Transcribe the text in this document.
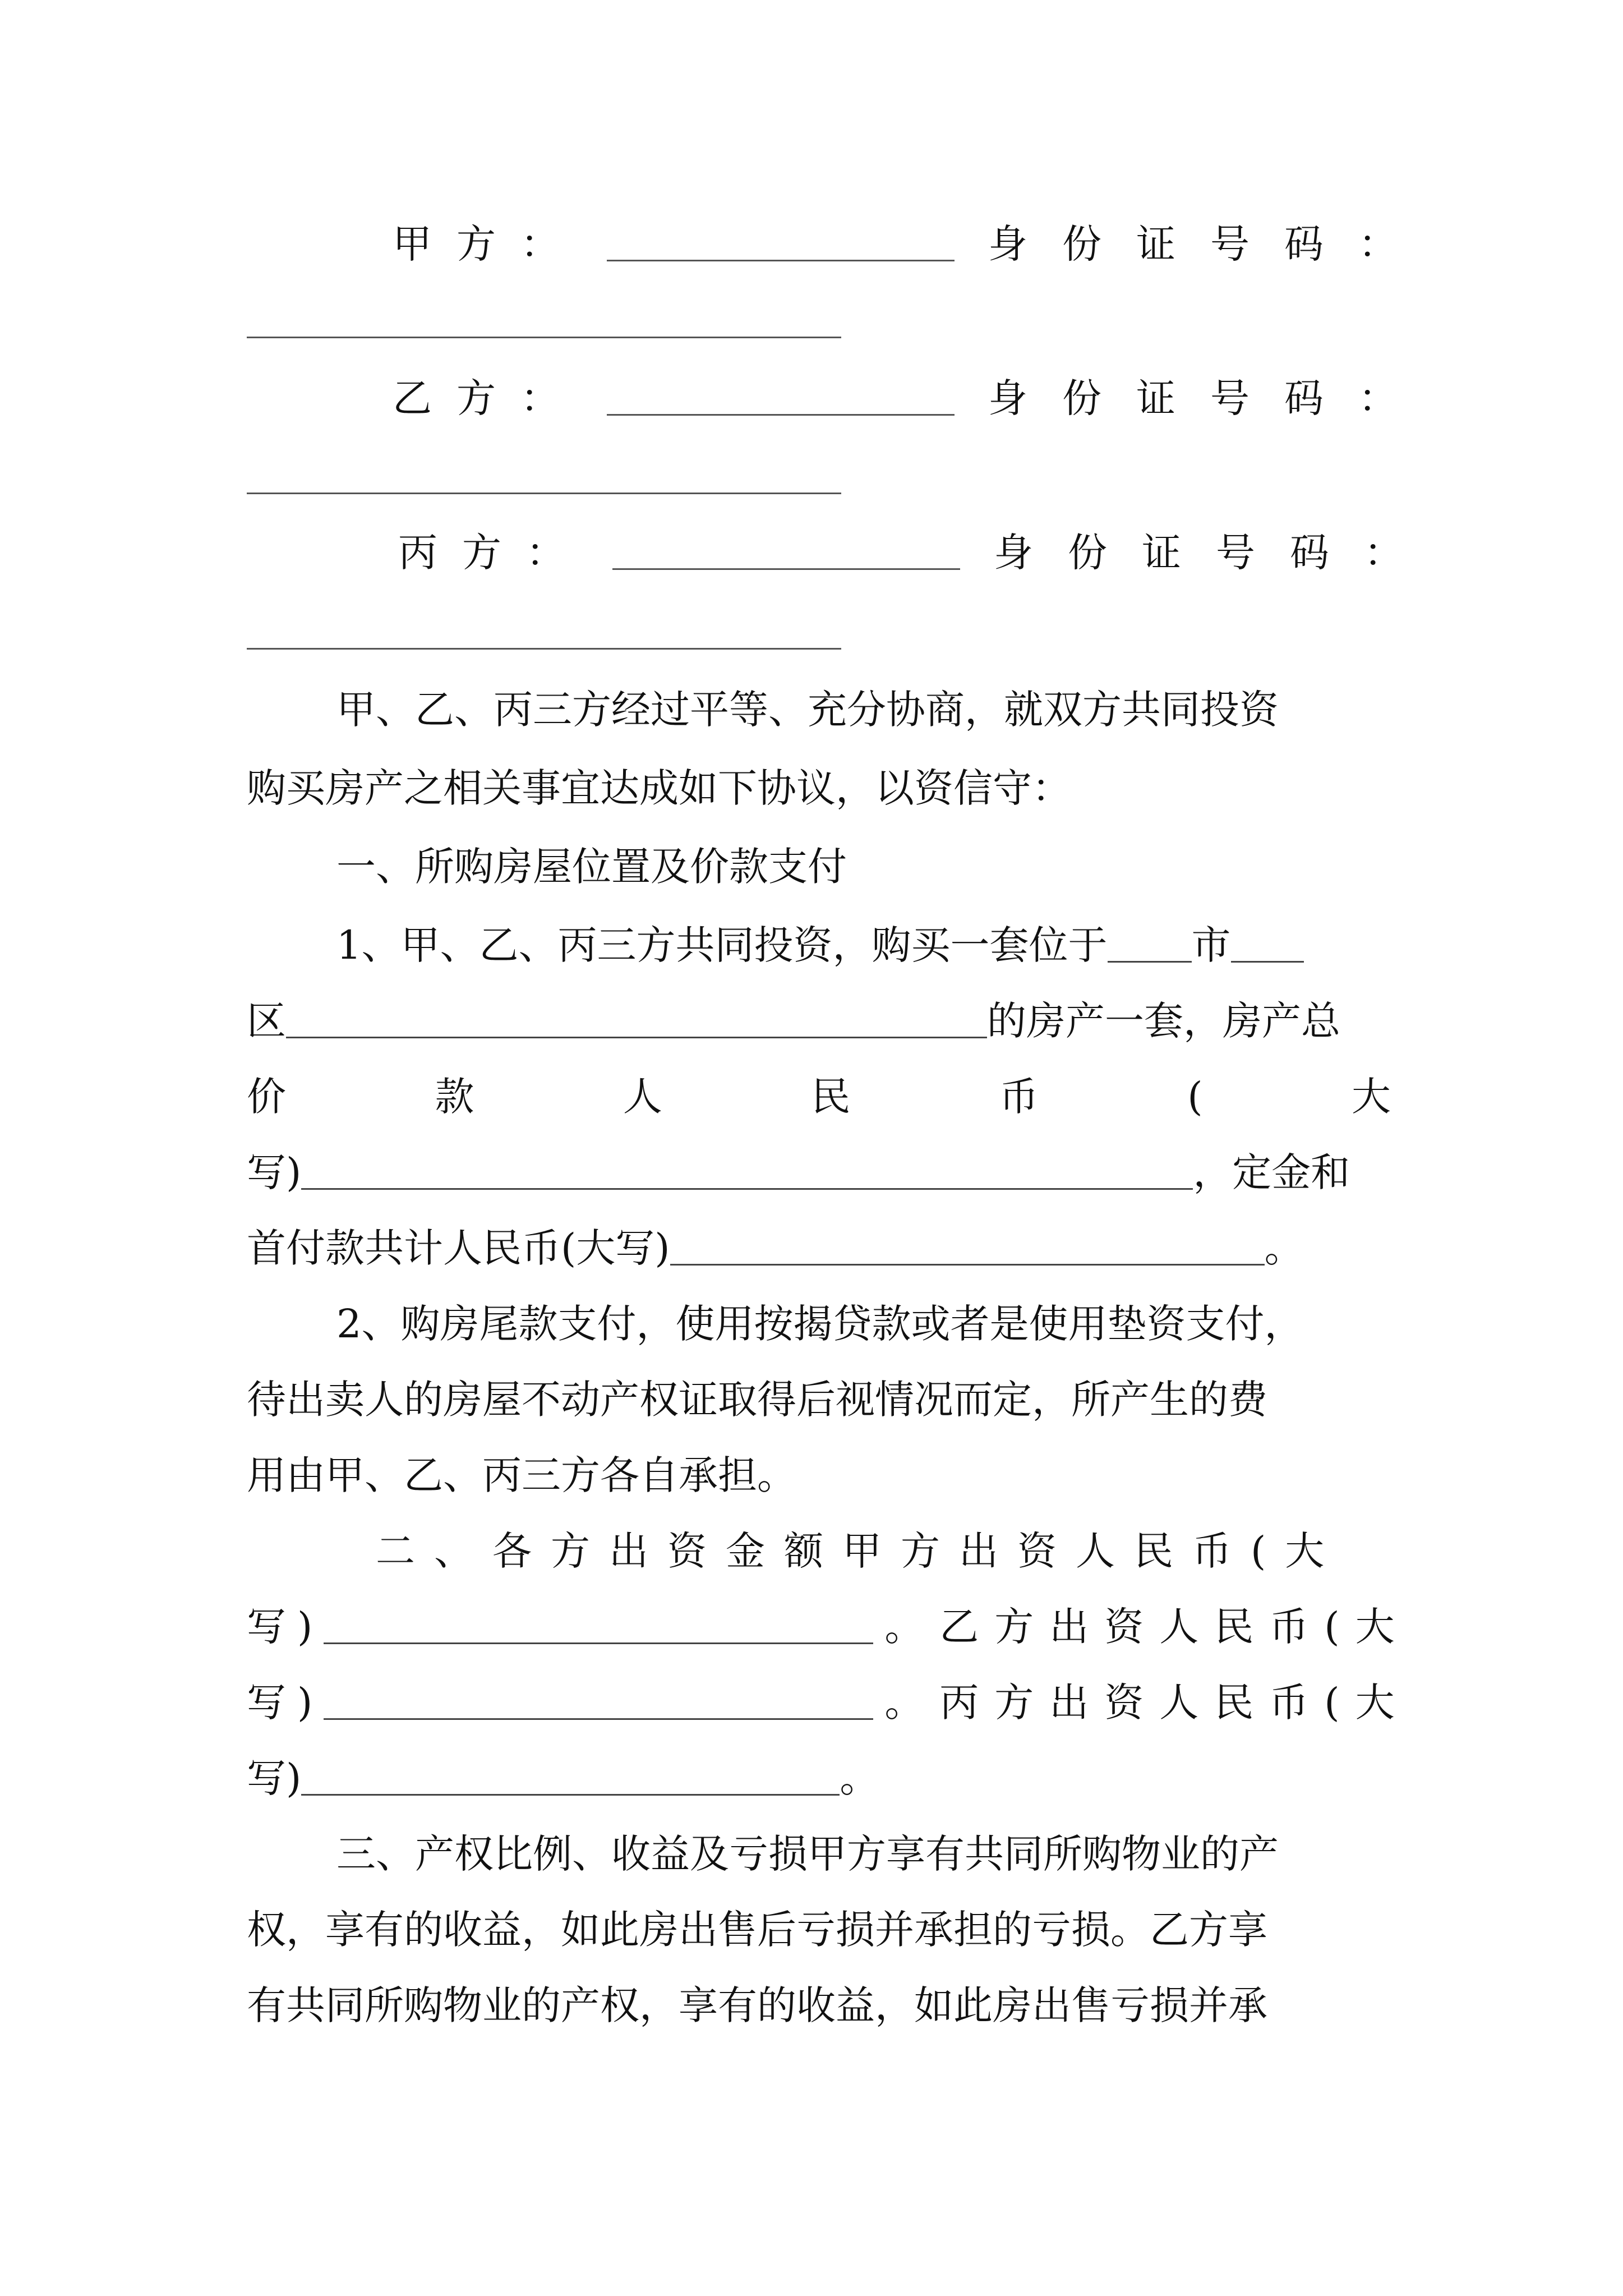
甲方：	身份证号码：
乙方：	身份证号码：
丙方：	身份证号码：
甲、乙、丙三方经过平等、充分协商，就双方共同投资
购买房产之相关事宜达成如下协议，以资信守：
一、所购房屋位置及价款支付
1、甲、乙、丙三方共同投资，购买一套位于 市
区	的房产一套，房产总
价	款	人	民	币	(	大
写)	，定金和
首付款共计人民币(大写)	。
2、购房尾款支付，使用按揭贷款或者是使用垫资支付，
待出卖人的房屋不动产权证取得后视情况而定，所产生的费
用由甲、乙、丙三方各自承担。
二、各方出资金额甲方出资人民币(大
写)	。乙方出资人民币(大
写)	。丙方出资人民币(大
写)	。
三、产权比例、收益及亏损甲方享有共同所购物业的产
权，享有的收益，如此房出售后亏损并承担的亏损。乙方享
有共同所购物业的产权，享有的收益，如此房出售亏损并承
